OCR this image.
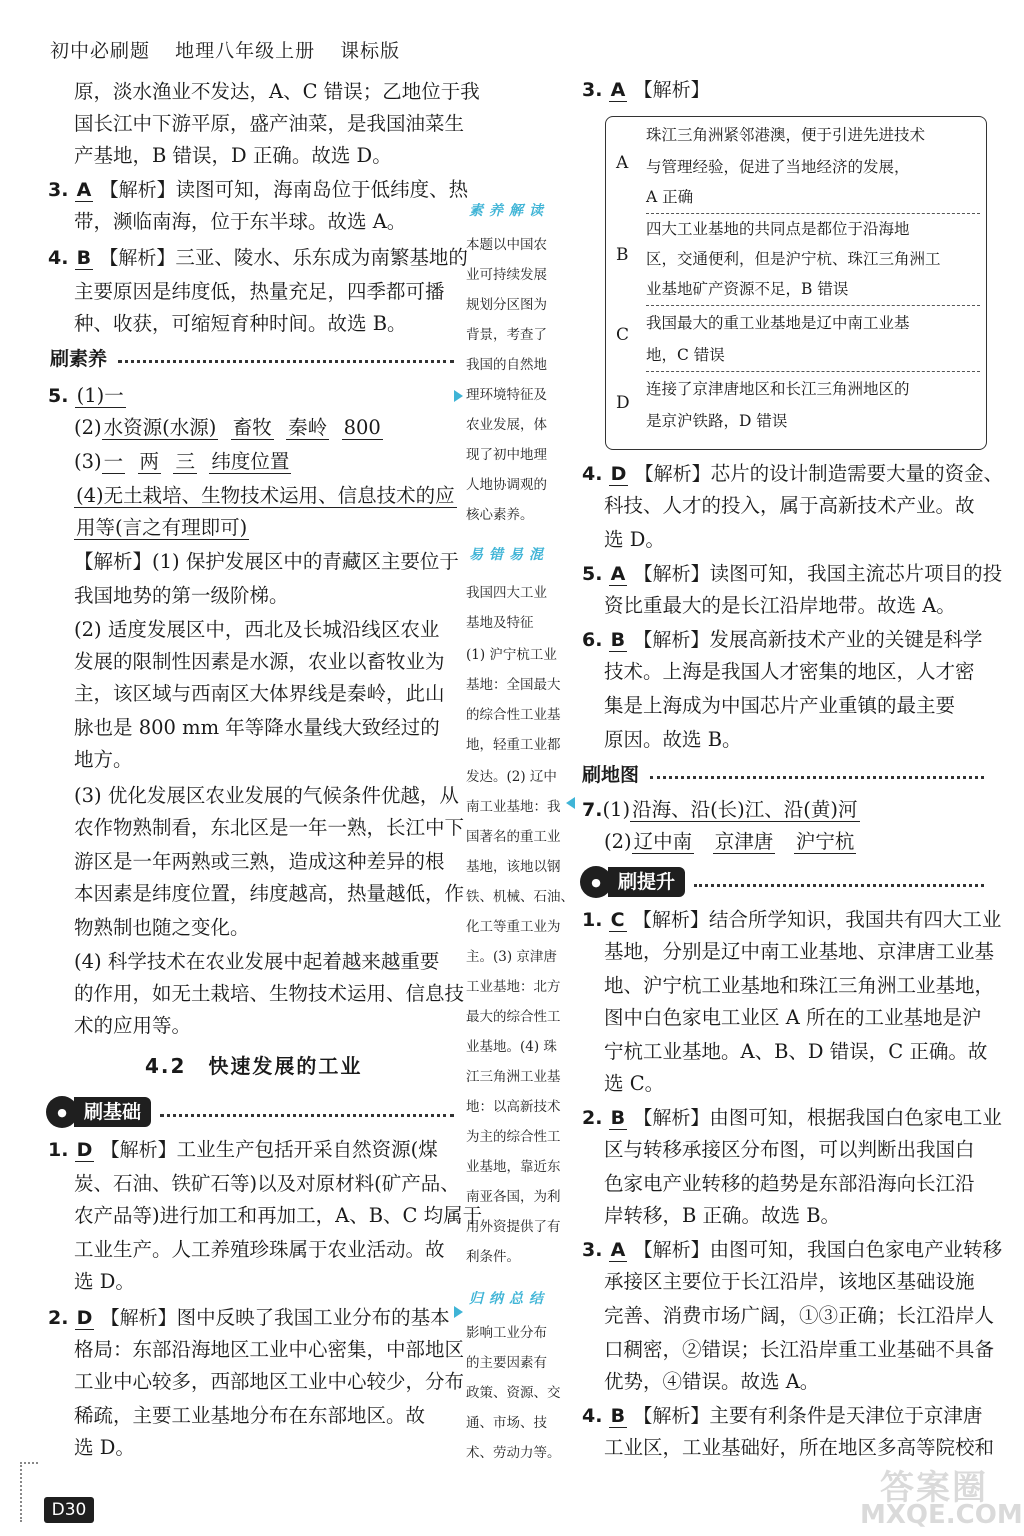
初中必刷题 地理八年级上册 课标版
原，淡水渔业不发达，A、C 错误；乙地位于我
国长江中下游平原，盛产油菜，是我国油菜生
产基地，B 错误，D 正确。故选 D。
3. A 【解析】读图可知，海南岛位于低纬度、热
带，濒临南海，位于东半球。故选 A。
4. B 【解析】三亚、陵水、乐东成为南繁基地的
主要原因是纬度低，热量充足，四季都可播
种、收获，可缩短育种时间。故选 B。
刷素养
5. (1)一
(2) 水资源(水源) 畜牧 秦岭 800
(3) 一 两 三 纬度位置
(4)无土栽培、生物技术运用、信息技术的应
用等(言之有理即可)
【解析】(1) 保护发展区中的青藏区主要位于
我国地势的第一级阶梯。
(2) 适度发展区中，西北及长城沿线区农业
发展的限制性因素是水源，农业以畜牧业为
主，该区域与西南区大体界线是秦岭，此山
脉也是 800 mm 年等降水量线大致经过的
地方。
(3) 优化发展区农业发展的气候条件优越，从
农作物熟制看，东北区是一年一熟，长江中下
游区是一年两熟或三熟，造成这种差异的根
本因素是纬度位置，纬度越高，热量越低，作
物熟制也随之变化。
(4) 科学技术在农业发展中起着越来越重要
的作用，如无土栽培、生物技术运用、信息技
术的应用等。
4.2　快速发展的工业
● 刷基础
1. D 【解析】工业生产包括开采自然资源(煤
炭、石油、铁矿石等)以及对原材料(矿产品、
农产品等)进行加工和再加工，A、B、C 均属于
工业生产。人工养殖珍珠属于农业活动。故
选 D。
2. D 【解析】图中反映了我国工业分布的基本
格局：东部沿海地区工业中心密集，中部地区
工业中心较多，西部地区工业中心较少，分布
稀疏，主要工业基地分布在东部地区。故
选 D。
素养解读
本题以中国农
业可持续发展
规划分区图为
背景，考查了
我国的自然地
理环境特征及
农业发展，体
现了初中地理
人地协调观的
核心素养。
易错易混
我国四大工业
基地及特征
(1) 沪宁杭工业
基地：全国最大
的综合性工业基
地，轻重工业都
发达。(2) 辽中
南工业基地：我
国著名的重工业
基地，该地以钢
铁、机械、石油、
化工等重工业为
主。(3) 京津唐
工业基地：北方
最大的综合性工
业基地。(4) 珠
江三角洲工业基
地：以高新技术
为主的综合性工
业基地，靠近东
南亚各国，为利
用外资提供了有
利条件。
归纳总结
影响工业分布
的主要因素有
政策、资源、交
通、市场、技
术、劳动力等。
3. A 【解析】
A
珠江三角洲紧邻港澳，便于引进先进技术
与管理经验，促进了当地经济的发展，
A 正确
B
四大工业基地的共同点是都位于沿海地
区，交通便利，但是沪宁杭、珠江三角洲工
业基地矿产资源不足，B 错误
C
我国最大的重工业基地是辽中南工业基
地，C 错误
D
连接了京津唐地区和长江三角洲地区的
是京沪铁路，D 错误
4. D 【解析】芯片的设计制造需要大量的资金、
科技、人才的投入，属于高新技术产业。故
选 D。
5. A 【解析】读图可知，我国主流芯片项目的投
资比重最大的是长江沿岸地带。故选 A。
6. B 【解析】发展高新技术产业的关键是科学
技术。上海是我国人才密集的地区，人才密
集是上海成为中国芯片产业重镇的最主要
原因。故选 B。
刷地图
7.(1) 沿海、沿(长)江、沿(黄)河
(2) 辽中南 京津唐 沪宁杭
● 刷提升
1. C 【解析】结合所学知识，我国共有四大工业
基地，分别是辽中南工业基地、京津唐工业基
地、沪宁杭工业基地和珠江三角洲工业基地，
图中白色家电工业区 A 所在的工业基地是沪
宁杭工业基地。A、B、D 错误，C 正确。故
选 C。
2. B 【解析】由图可知，根据我国白色家电工业
区与转移承接区分布图，可以判断出我国白
色家电产业转移的趋势是东部沿海向长江沿
岸转移，B 正确。故选 B。
3. A 【解析】由图可知，我国白色家电产业转移
承接区主要位于长江沿岸，该地区基础设施
完善、消费市场广阔，①③正确；长江沿岸人
口稠密，②错误；长江沿岸重工业基础不具备
优势，④错误。故选 A。
4. B 【解析】主要有利条件是天津位于京津唐
工业区，工业基础好，所在地区多高等院校和
D30
答案圈
MXQE.COM
